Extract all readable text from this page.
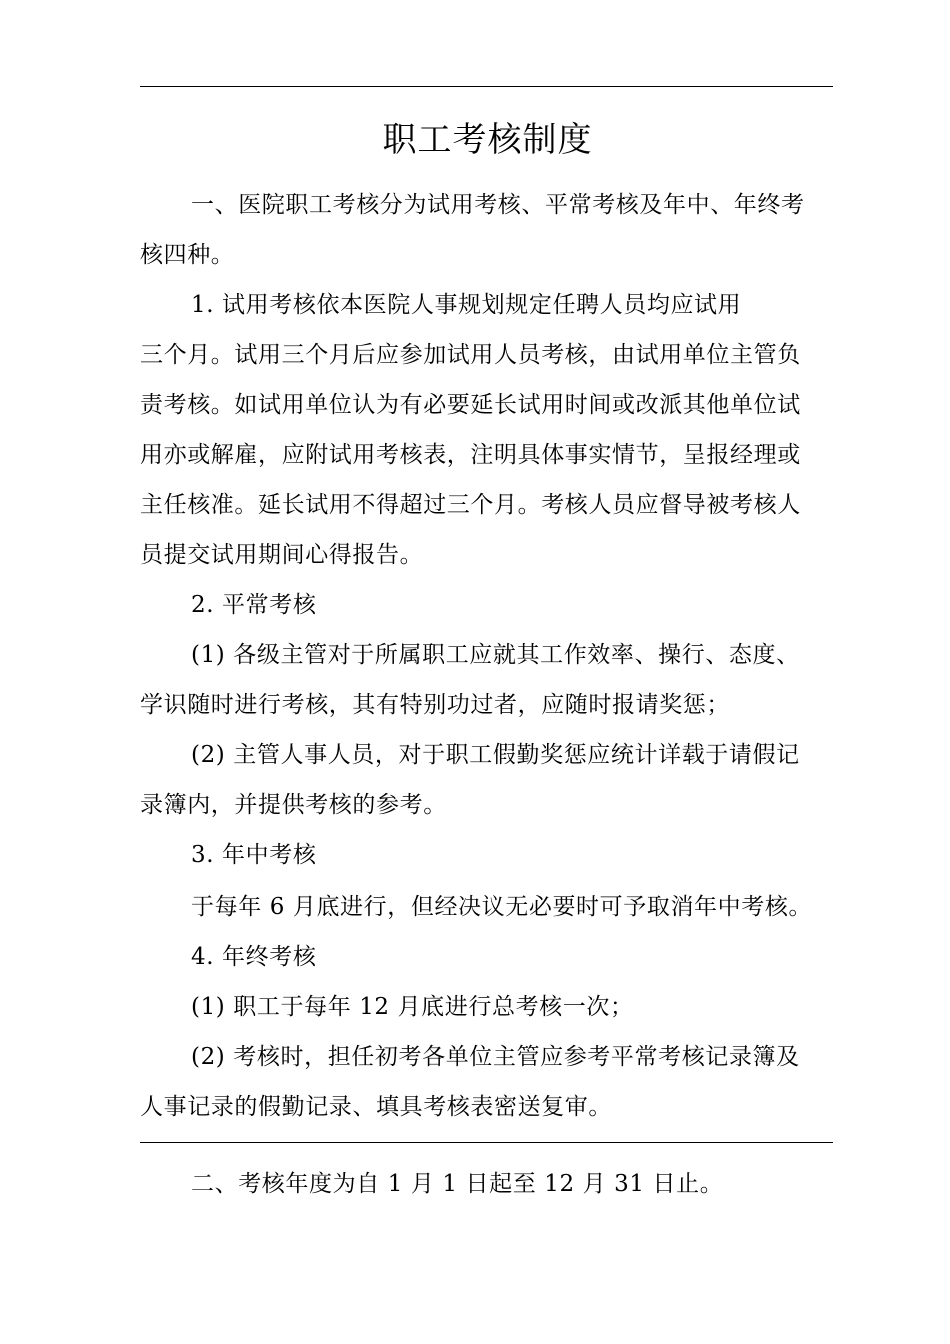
职工考核制度
一、医院职工考核分为试用考核、平常考核及年中、年终考
核四种。
1. 试用考核依本医院人事规划规定任聘人员均应试用
三个月。试用三个月后应参加试用人员考核，由试用单位主管负
责考核。如试用单位认为有必要延长试用时间或改派其他单位试
用亦或解雇，应附试用考核表，注明具体事实情节，呈报经理或
主任核准。延长试用不得超过三个月。考核人员应督导被考核人
员提交试用期间心得报告。
2. 平常考核
(1) 各级主管对于所属职工应就其工作效率、操行、态度、
学识随时进行考核，其有特别功过者，应随时报请奖惩；
(2) 主管人事人员，对于职工假勤奖惩应统计详载于请假记
录簿内，并提供考核的参考。
3. 年中考核
于每年 6 月底进行，但经决议无必要时可予取消年中考核。
4. 年终考核
(1) 职工于每年 12 月底进行总考核一次；
(2) 考核时，担任初考各单位主管应参考平常考核记录簿及
人事记录的假勤记录、填具考核表密送复审。
二、考核年度为自 1 月 1 日起至 12 月 31 日止。
